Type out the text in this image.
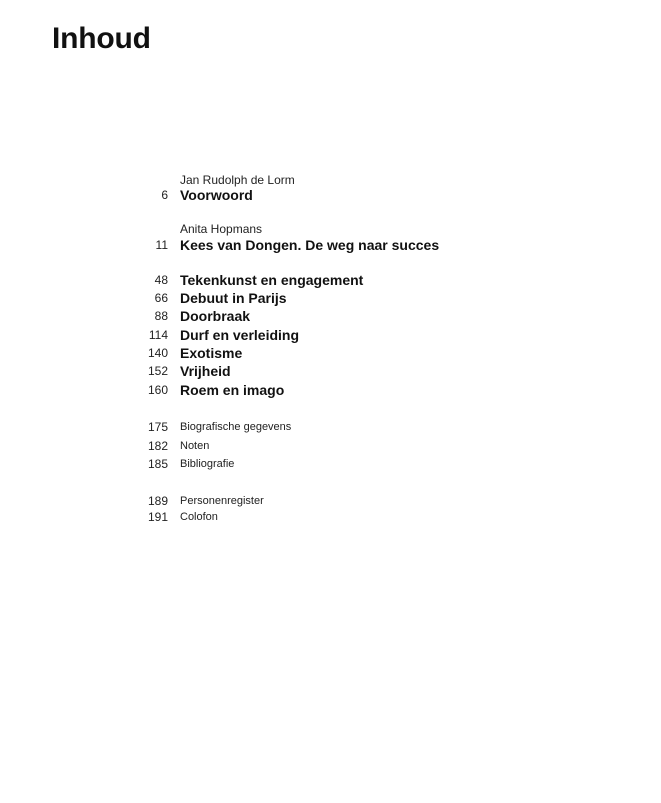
Inhoud
Jan Rudolph de Lorm
6 Voorwoord
Anita Hopmans
11 Kees van Dongen. De weg naar succes
48 Tekenkunst en engagement
66 Debuut in Parijs
88 Doorbraak
114 Durf en verleiding
140 Exotisme
152 Vrijheid
160 Roem en imago
175 Biografische gegevens
182 Noten
185 Bibliografie
189 Personenregister
191 Colofon
